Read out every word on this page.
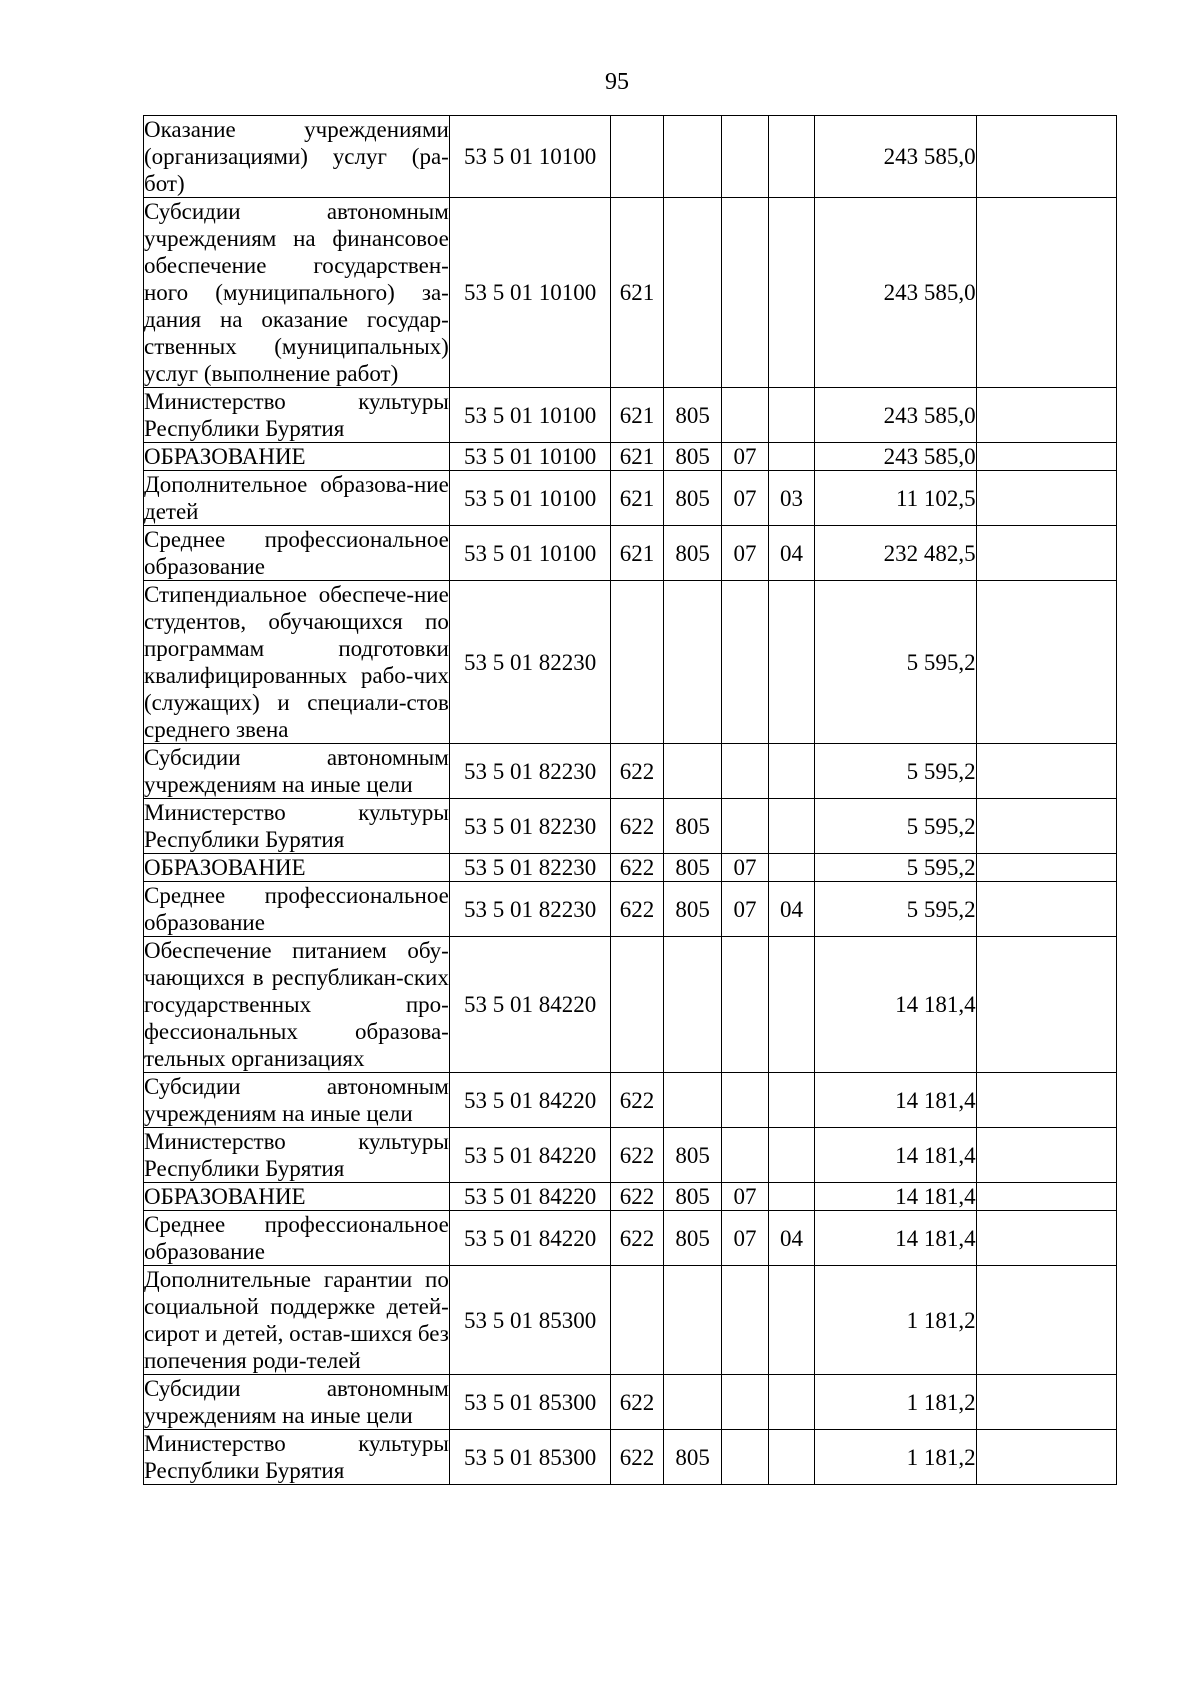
95
Оказание учреждениями (организациями) услуг (ра-бот)	53 5 01 10100					243 585,0	
Субсидии автономным учреждениям на финансовое обеспечение государствен-ного (муниципального) за-дания на оказание государ-ственных (муниципальных) услуг (выполнение работ)	53 5 01 10100	621				243 585,0	
Министерство культуры Республики Бурятия	53 5 01 10100	621	805			243 585,0	
ОБРАЗОВАНИЕ	53 5 01 10100	621	805	07		243 585,0	
Дополнительное образова-ние детей	53 5 01 10100	621	805	07	03	11 102,5	
Среднее профессиональное образование	53 5 01 10100	621	805	07	04	232 482,5	
Стипендиальное обеспече-ние студентов, обучающихся по программам подготовки квалифицированных рабо-чих (служащих) и специали-стов среднего звена	53 5 01 82230					5 595,2	
Субсидии автономным учреждениям на иные цели	53 5 01 82230	622				5 595,2	
Министерство культуры Республики Бурятия	53 5 01 82230	622	805			5 595,2	
ОБРАЗОВАНИЕ	53 5 01 82230	622	805	07		5 595,2	
Среднее профессиональное образование	53 5 01 82230	622	805	07	04	5 595,2	
Обеспечение питанием обу-чающихся в республикан-ских государственных про-фессиональных образова-тельных организациях	53 5 01 84220					14 181,4	
Субсидии автономным учреждениям на иные цели	53 5 01 84220	622				14 181,4	
Министерство культуры Республики Бурятия	53 5 01 84220	622	805			14 181,4	
ОБРАЗОВАНИЕ	53 5 01 84220	622	805	07		14 181,4	
Среднее профессиональное образование	53 5 01 84220	622	805	07	04	14 181,4	
Дополнительные гарантии по социальной поддержке детей-сирот и детей, остав-шихся без попечения роди-телей	53 5 01 85300					1 181,2	
Субсидии автономным учреждениям на иные цели	53 5 01 85300	622				1 181,2	
Министерство культуры Республики Бурятия	53 5 01 85300	622	805			1 181,2	
